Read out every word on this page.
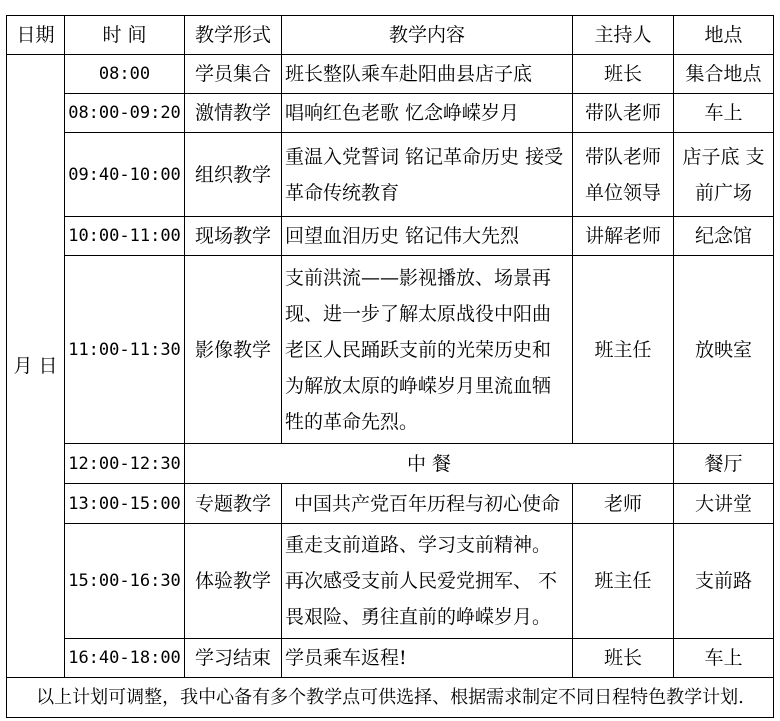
日期	时 间	教学形式	教学内容	主持人	地点
月 日	08:00	学员集合	班长整队乘车赴阳曲县店子底	班长	集合地点
	08:00-09:20	激情教学	唱响红色老歌 忆念峥嵘岁月	带队老师	车上
	09:40-10:00	组织教学	重温入党誓词 铭记革命历史 接受革命传统教育	带队老师 单位领导	店子底 支前广场
	10:00-11:00	现场教学	回望血泪历史 铭记伟大先烈	讲解老师	纪念馆
	11:00-11:30	影像教学	支前洪流——影视播放、场景再现、进一步了解太原战役中阳曲老区人民踊跃支前的光荣历史和为解放太原的峥嵘岁月里流血牺牲的革命先烈。	班主任	放映室
	12:00-12:30	中 餐			餐厅
	13:00-15:00	专题教学	中国共产党百年历程与初心使命	老师	大讲堂
	15:00-16:30	体验教学	重走支前道路、学习支前精神。再次感受支前人民爱党拥军、 不畏艰险、勇往直前的峥嵘岁月。	班主任	支前路
	16:40-18:00	学习结束	学员乘车返程!	班长	车上
以上计划可调整，我中心备有多个教学点可供选择、根据需求制定不同日程特色教学计划.					
